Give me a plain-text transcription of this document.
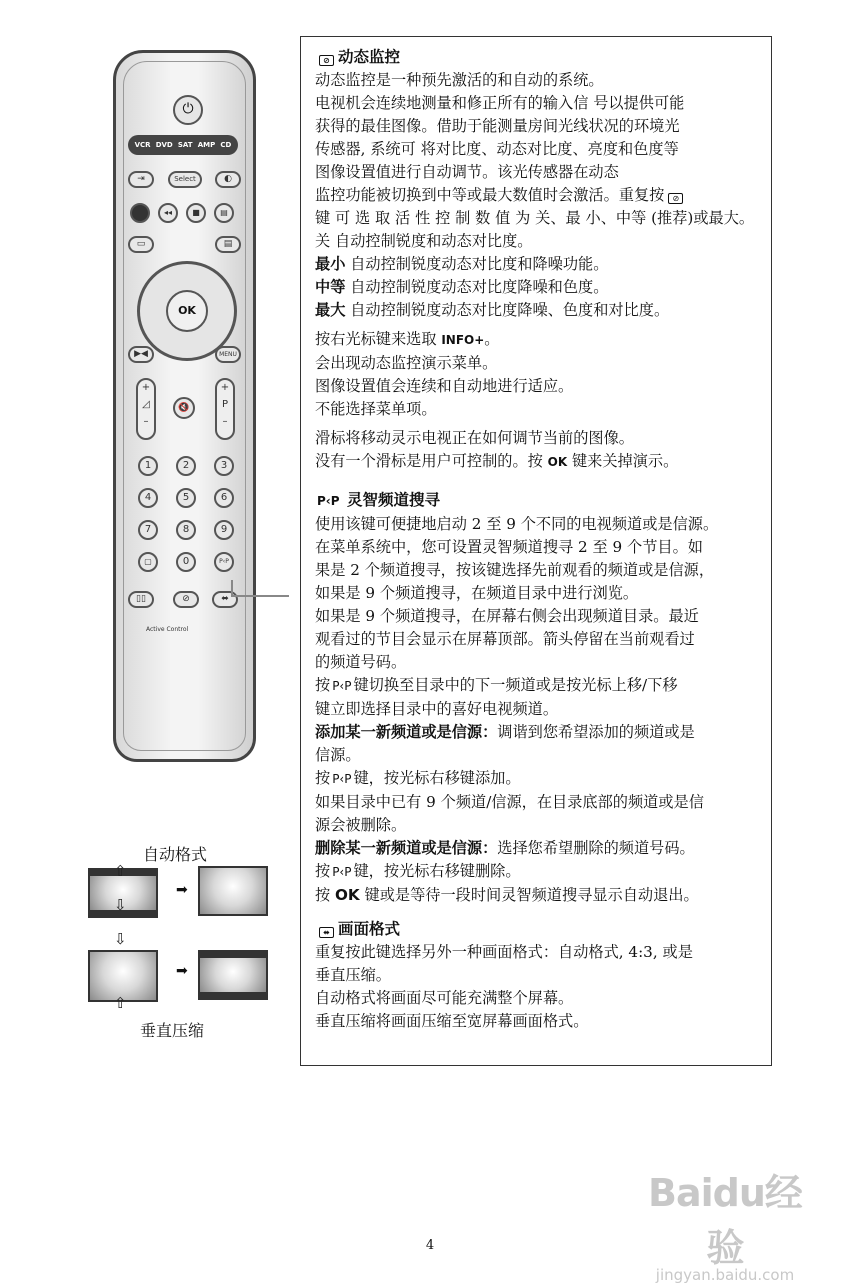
⏻
VCR DVD SAT AMP CD
⇥	Select	◐
◂◂	■	▤
▭	▤
OK
▶◀	MENU
+
◿
–
🔇
+
P
–
1	2	3
4	5	6
7	8	9
▢	0	P‹P
Active Control
▯▯	⊘	⬌
自动格式
⇧
⇩
➡
⇩
⇧
➡
垂直压缩
⊘ 动态监控

动态监控是一种预先激活的和自动的系统。

电视机会连续地测量和修正所有的输入信 号以提供可能

获得的最佳图像。借助于能测量房间光线状况的环境光

传感器, 系统可 将对比度、动态对比度、亮度和色度等

图像设置值进行自动调节。该光传感器在动态

监控功能被切换到中等或最大数值时会激活。重复按 ⊘

键 可 选 取 活 性 控 制 数 值 为 关、最 小、中等 (推荐)或最大。

关 自动控制锐度和动态对比度。

最小 自动控制锐度动态对比度和降噪功能。

中等 自动控制锐度动态对比度降噪和色度。

最大 自动控制锐度动态对比度降噪、色度和对比度。

按右光标键来选取 INFO+。

会出现动态监控演示菜单。

图像设置值会连续和自动地进行适应。

不能选择菜单项。

滑标将移动灵示电视正在如何调节当前的图像。

没有一个滑标是用户可控制的。按 OK 键来关掉演示。

P‹P 灵智频道搜寻

使用该键可便捷地启动 2 至 9 个不同的电视频道或是信源。

在菜单系统中，您可设置灵智频道搜寻 2 至 9 个节目。如

果是 2 个频道搜寻，按该键选择先前观看的频道或是信源，

如果是 9 个频道搜寻，在频道目录中进行浏览。

如果是 9 个频道搜寻，在屏幕右侧会出现频道目录。最近

观看过的节目会显示在屏幕顶部。箭头停留在当前观看过

的频道号码。

按 P‹P 键切换至目录中的下一频道或是按光标上移/下移

键立即选择目录中的喜好电视频道。

添加某一新频道或是信源：调谐到您希望添加的频道或是

信源。

按 P‹P 键，按光标右移键添加。

如果目录中已有 9 个频道/信源，在目录底部的频道或是信

源会被删除。

删除某一新频道或是信源：选择您希望删除的频道号码。

按 P‹P 键，按光标右移键删除。

按 OK 键或是等待一段时间灵智频道搜寻显示自动退出。

⬌ 画面格式

重复按此键选择另外一种画面格式：自动格式, 4:3, 或是

垂直压缩。

自动格式将画面尽可能充满整个屏幕。

垂直压缩将画面压缩至宽屏幕画面格式。

Baidu经验
jingyan.baidu.com
4
